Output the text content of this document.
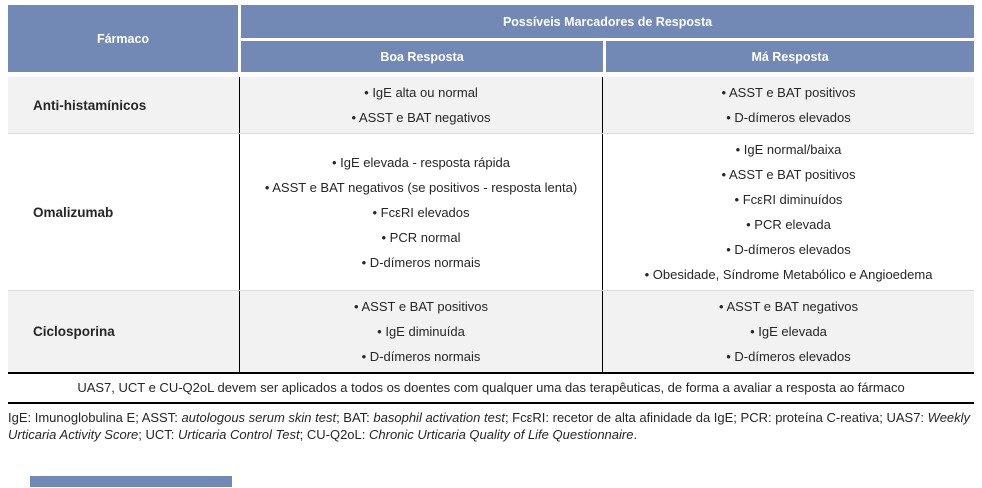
Fármaco
Possíveis Marcadores de Resposta
Boa Resposta	Má Resposta
Anti-histamínicos
• IgE alta ou normal
• ASST e BAT negativos
• ASST e BAT positivos
• D-dímeros elevados
Omalizumab
• IgE elevada - resposta rápida
• ASST e BAT negativos (se positivos - resposta lenta)
• FcεRI elevados
• PCR normal
• D-dímeros normais
• IgE normal/baixa
• ASST e BAT positivos
• FcεRI diminuídos
• PCR elevada
• D-dímeros elevados
• Obesidade, Síndrome Metabólico e Angioedema
Ciclosporina
• ASST e BAT positivos
• IgE diminuída
• D-dímeros normais
• ASST e BAT negativos
• IgE elevada
• D-dímeros elevados
UAS7, UCT e CU-Q2oL devem ser aplicados a todos os doentes com qualquer uma das terapêuticas, de forma a avaliar a resposta ao fármaco

IgE: Imunoglobulina E; ASST: autologous serum skin test; BAT: basophil activation test; FcεRI: recetor de alta afinidade da IgE; PCR: proteína C-reativa; UAS7: Weekly Urticaria Activity Score; UCT: Urticaria Control Test; CU-Q2oL: Chronic Urticaria Quality of Life Questionnaire.
